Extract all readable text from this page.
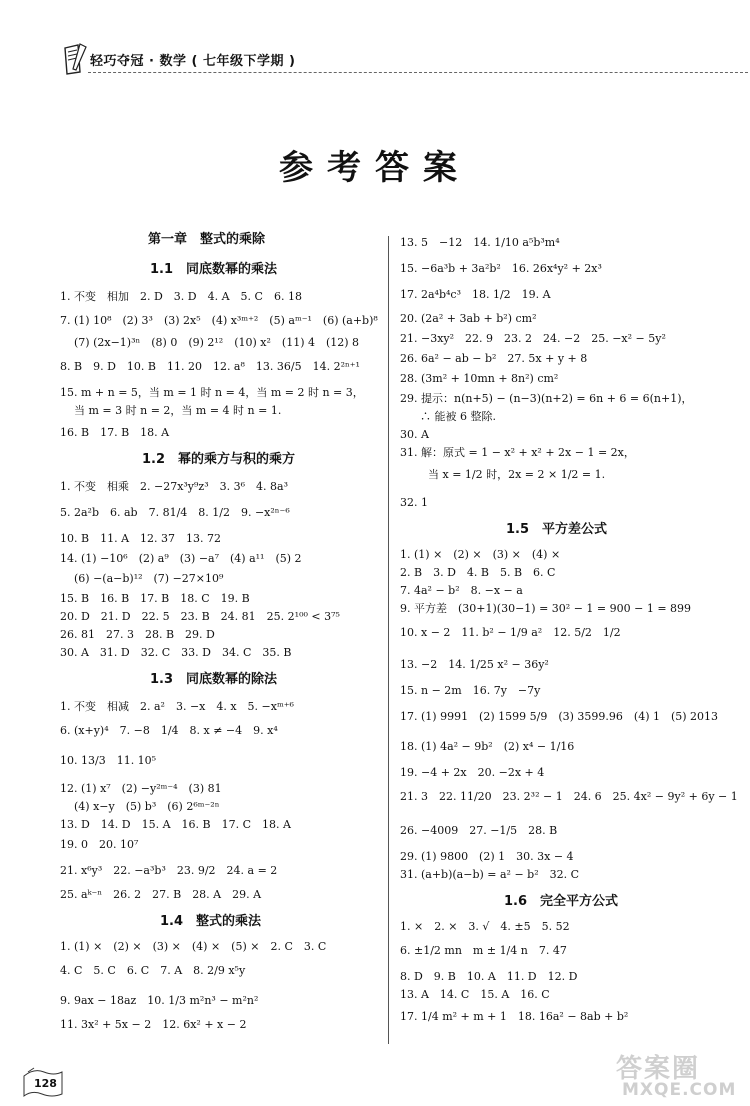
轻巧夺冠 · 数学 ( 七年级下学期 )
参考答案
第一章　整式的乘除
1.1　同底数幂的乘法
1. 不变　相加　2. D　3. D　4. A　5. C　6. 18
7. (1) 10⁸　(2) 3³　(3) 2x⁵　(4) x³ᵐ⁺²　(5) aᵐ⁻¹　(6) (a+b)⁸
(7) (2x−1)³ⁿ　(8) 0　(9) 2¹²　(10) x²　(11) 4　(12) 8
8. B　9. D　10. B　11. 20　12. a⁸　13. 36/5　14. 2²ⁿ⁺¹
15. m + n = 5，当 m = 1 时 n = 4，当 m = 2 时 n = 3，
当 m = 3 时 n = 2，当 m = 4 时 n = 1.
16. B　17. B　18. A
1.2　幂的乘方与积的乘方
1. 不变　相乘　2. −27x³y⁹z³　3. 3⁶　4. 8a³
5. 2a²b　6. ab　7. 81/4　8. 1/2　9. −x²ⁿ⁻⁶
10. B　11. A　12. 37　13. 72
14. (1) −10⁶　(2) a⁹　(3) −a⁷　(4) a¹¹　(5) 2
(6) −(a−b)¹²　(7) −27×10⁹
15. B　16. B　17. B　18. C　19. B
20. D　21. D　22. 5　23. B　24. 81　25. 2¹⁰⁰ < 3⁷⁵
26. 81　27. 3　28. B　29. D
30. A　31. D　32. C　33. D　34. C　35. B
1.3　同底数幂的除法
1. 不变　相减　2. a²　3. −x　4. x　5. −xᵐ⁺⁶
6. (x+y)⁴　7. −8　1/4　8. x ≠ −4　9. x⁴
10. 13/3　11. 10⁵
12. (1) x⁷　(2) −y²ᵐ⁻⁴　(3) 81
(4) x−y　(5) b³　(6) 2⁶ᵐ⁻²ⁿ
13. D　14. D　15. A　16. B　17. C　18. A
19. 0　20. 10⁷
21. x⁶y³　22. −a³b³　23. 9/2　24. a = 2
25. aᵏ⁻ⁿ　26. 2　27. B　28. A　29. A
1.4　整式的乘法
1. (1) ×　(2) ×　(3) ×　(4) ×　(5) ×　2. C　3. C
4. C　5. C　6. C　7. A　8. 2/9 x⁵y
9. 9ax − 18az　10. 1/3 m²n³ − m²n²
11. 3x² + 5x − 2　12. 6x² + x − 2
13. 5　−12　14. 1/10 a⁵b³m⁴
15. −6a³b + 3a²b²　16. 26x⁴y² + 2x³
17. 2a⁴b⁴c³　18. 1/2　19. A
20. (2a² + 3ab + b²) cm²
21. −3xy²　22. 9　23. 2　24. −2　25. −x² − 5y²
26. 6a² − ab − b²　27. 5x + y + 8
28. (3m² + 10mn + 8n²) cm²
29. 提示：n(n+5) − (n−3)(n+2) = 6n + 6 = 6(n+1)，
∴ 能被 6 整除.
30. A
31. 解：原式 = 1 − x² + x² + 2x − 1 = 2x，
当 x = 1/2 时，2x = 2 × 1/2 = 1.
32. 1
1.5　平方差公式
1. (1) ×　(2) ×　(3) ×　(4) ×
2. B　3. D　4. B　5. B　6. C
7. 4a² − b²　8. −x − a
9. 平方差　(30+1)(30−1) = 30² − 1 = 900 − 1 = 899
10. x − 2　11. b² − 1/9 a²　12. 5/2　1/2
13. −2　14. 1/25 x² − 36y²
15. n − 2m　16. 7y　−7y
17. (1) 9991　(2) 1599 5/9　(3) 3599.96　(4) 1　(5) 2013
18. (1) 4a² − 9b²　(2) x⁴ − 1/16
19. −4 + 2x　20. −2x + 4
21. 3　22. 11/20　23. 2³² − 1　24. 6　25. 4x² − 9y² + 6y − 1
26. −4009　27. −1/5　28. B
29. (1) 9800　(2) 1　30. 3x − 4
31. (a+b)(a−b) = a² − b²　32. C
1.6　完全平方公式
1. ×　2. ×　3. √　4. ±5　5. 52
6. ±1/2 mn　m ± 1/4 n　7. 47
8. D　9. B　10. A　11. D　12. D
13. A　14. C　15. A　16. C
17. 1/4 m² + m + 1　18. 16a² − 8ab + b²
128	答案圈
MXQE.COM
